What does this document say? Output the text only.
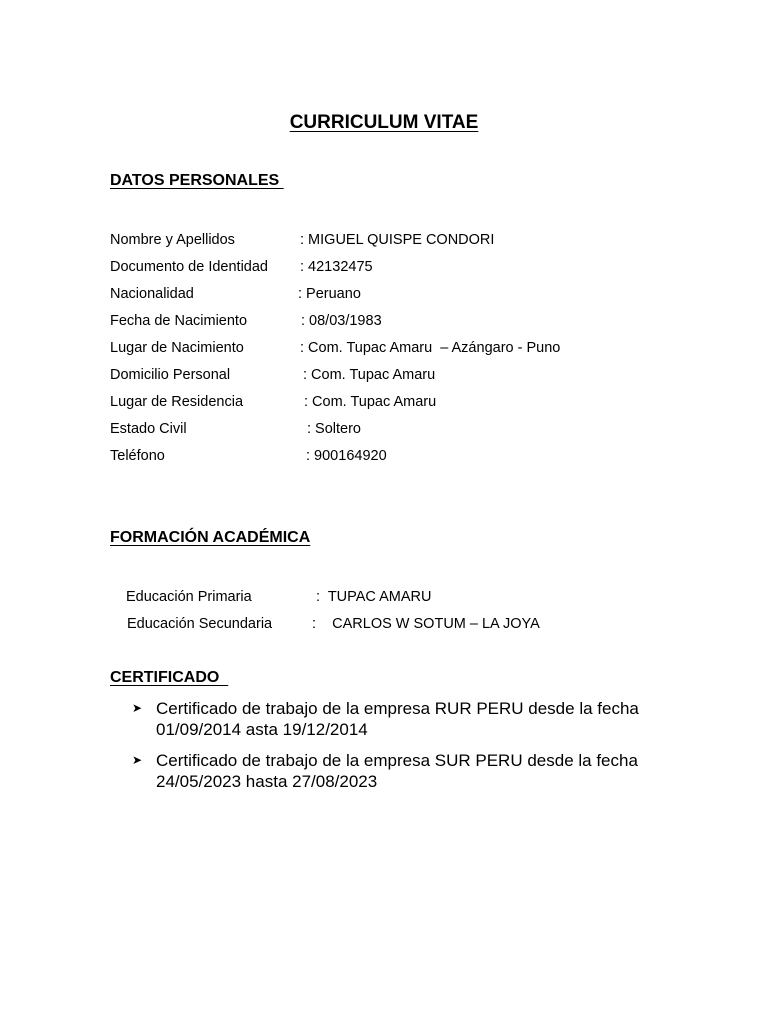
CURRICULUM VITAE
DATOS PERSONALES
Nombre y Apellidos	: MIGUEL QUISPE CONDORI
Documento de Identidad : 42132475
Nacionalidad	: Peruano
Fecha de Nacimiento	: 08/03/1983
Lugar de Nacimiento	: Com. Tupac Amaru  – Azángaro - Puno
Domicilio Personal	: Com. Tupac Amaru
Lugar de Residencia	: Com. Tupac Amaru
Estado Civil	: Soltero
Teléfono	: 900164920
FORMACIÓN ACADÉMICA
Educación Primaria	:  TUPAC AMARU
Educación Secundaria	:    CARLOS W SOTUM – LA JOYA
CERTIFICADO
➤ Certificado de trabajo de la empresa RUR PERU desde la fecha 01/09/2014 asta 19/12/2014
➤ Certificado de trabajo de la empresa SUR PERU desde la fecha 24/05/2023 hasta 27/08/2023
